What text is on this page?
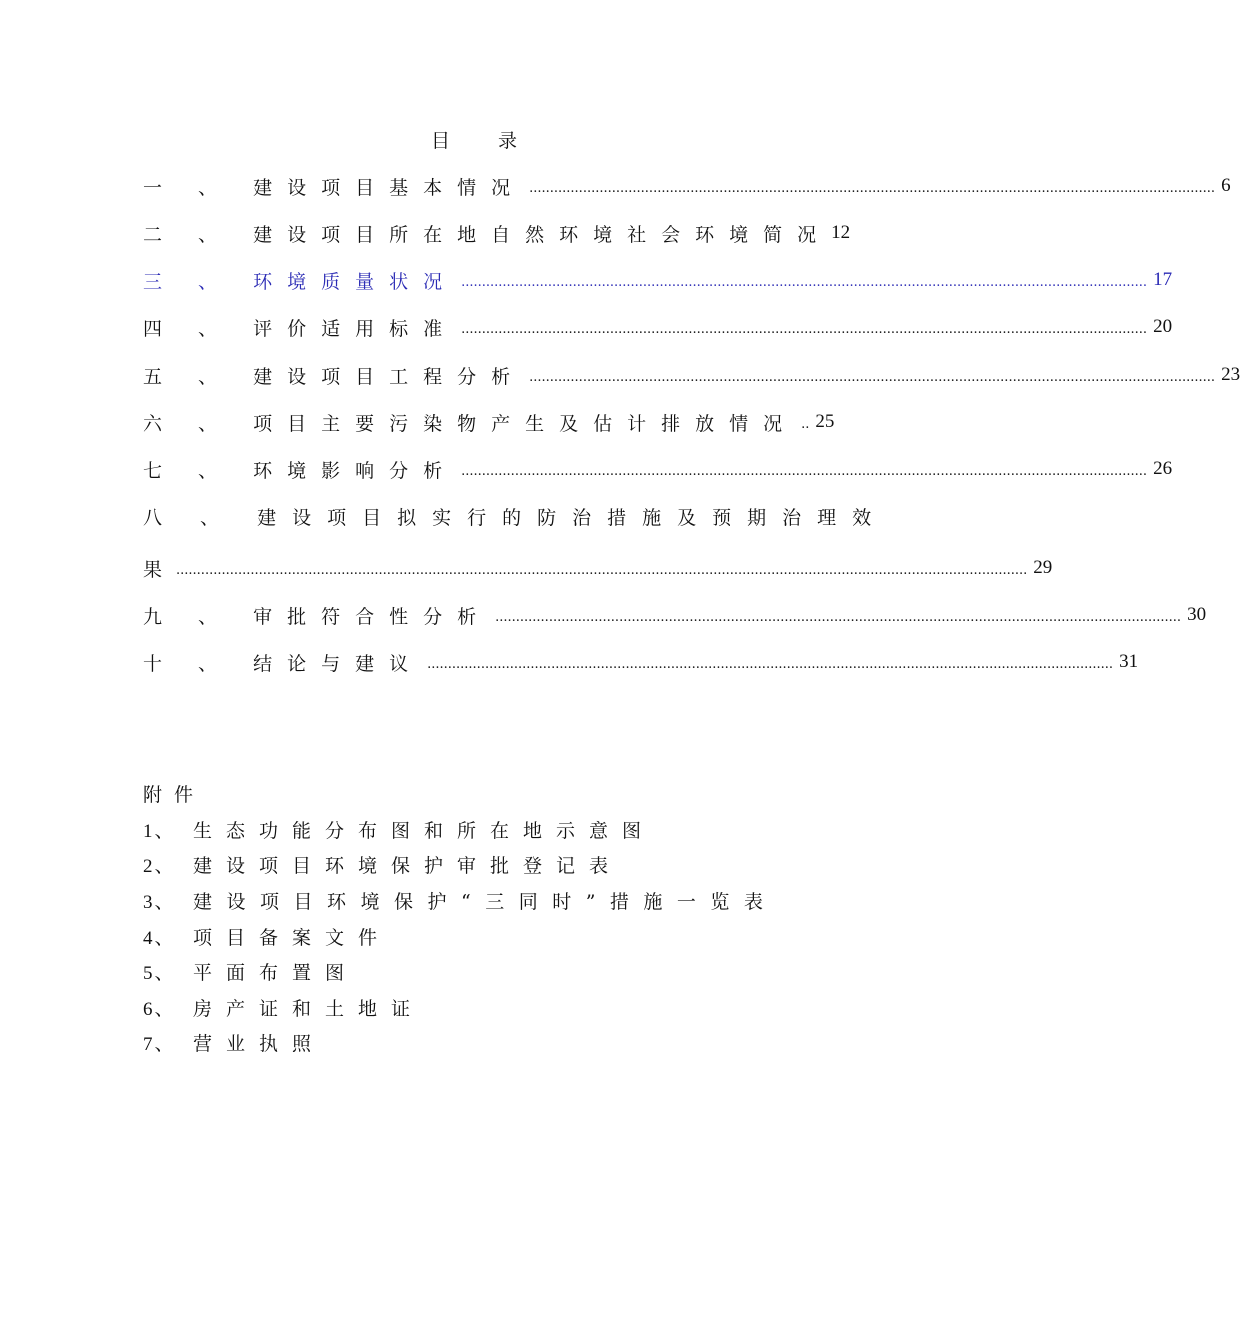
目 录
一 、 建设项目基本情况 ...................................................................................................................................................................... 6
二 、 建设项目所在地自然环境社会环境简况 12
三 、 环境质量状况 ...................................................................................................................................................................... 17
四 、 评价适用标准 ...................................................................................................................................................................... 20
五 、 建设项目工程分析 ...................................................................................................................................................................... 23
六 、 项目主要污染物产生及估计排放情况 .. 25
七 、 环境影响分析 ...................................................................................................................................................................... 26
八 、 建设项目拟实行的防治措施及预期治理效
果 .............................................................................................................................................................................................................. 29
九 、 审批符合性分析 ...................................................................................................................................................................... 30
十 、 结论与建议 ...................................................................................................................................................................... 31
附件
1、 生态功能分布图和所在地示意图
2、 建设项目环境保护审批登记表
3、 建设项目环境保护“三同时”措施一览表
4、 项目备案文件
5、 平面布置图
6、 房产证和土地证
7、 营业执照
